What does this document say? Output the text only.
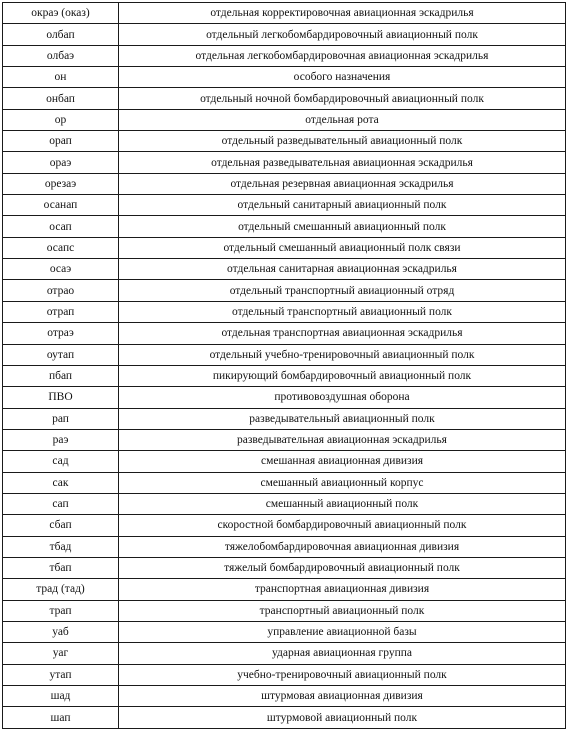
окраэ (оказ)	отдельная корректировочная авиационная эскадрилья
олбап	отдельный легкобомбардировочный авиационный полк
олбаэ	отдельная легкобомбардировочная авиационная эскадрилья
он	особого назначения
онбап	отдельный ночной бомбардировочный авиационный полк
ор	отдельная рота
орап	отдельный разведывательный авиационный полк
ораэ	отдельная разведывательная авиационная эскадрилья
орезаэ	отдельная резервная авиационная эскадрилья
осанап	отдельный санитарный авиационный полк
осап	отдельный смешанный авиационный полк
осапс	отдельный смешанный авиационный полк связи
осаэ	отдельная санитарная авиационная эскадрилья
отрао	отдельный транспортный авиационный отряд
отрап	отдельный транспортный авиационный полк
отраэ	отдельная транспортная авиационная эскадрилья
оутап	отдельный учебно-тренировочный авиационный полк
пбап	пикирующий бомбардировочный авиационный полк
ПВО	противовоздушная оборона
рап	разведывательный авиационный полк
раэ	разведывательная авиационная эскадрилья
сад	смешанная авиационная дивизия
сак	смешанный авиационный корпус
сап	смешанный авиационный полк
сбап	скоростной бомбардировочный авиационный полк
тбад	тяжелобомбардировочная авиационная дивизия
тбап	тяжелый бомбардировочный авиационный полк
трад (тад)	транспортная авиационная дивизия
трап	транспортный авиационный полк
уаб	управление авиационной базы
уаг	ударная авиационная группа
утап	учебно-тренировочный авиационный полк
шад	штурмовая авиационная дивизия
шап	штурмовой авиационный полк
